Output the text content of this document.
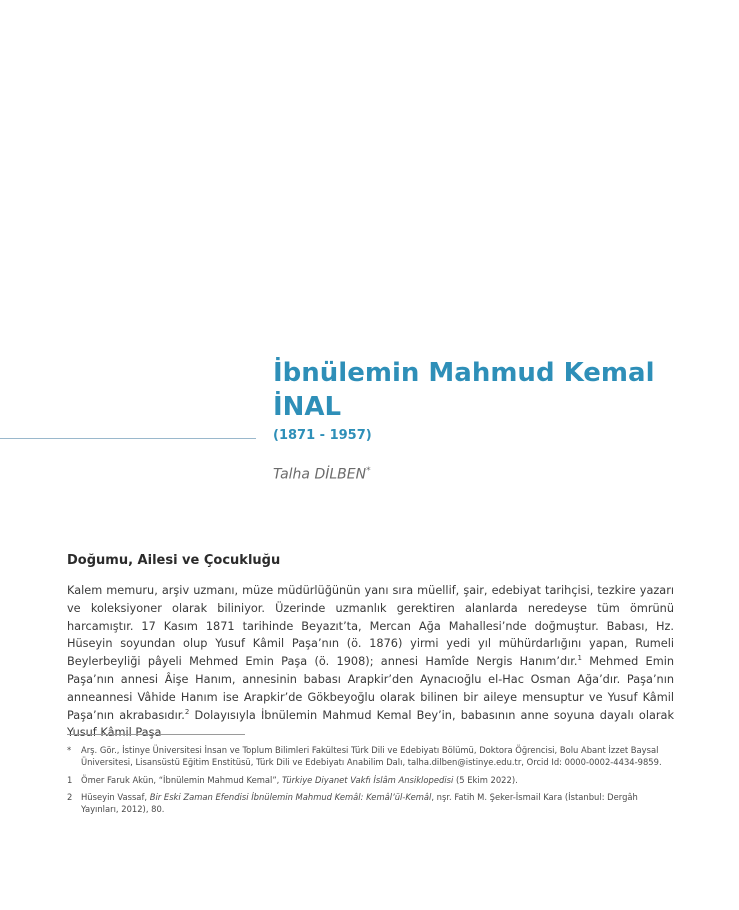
İbnülemin Mahmud Kemal İNAL
(1871 - 1957)
Talha DİLBEN*
Doğumu, Ailesi ve Çocukluğu

Kalem memuru, arşiv uzmanı, müze müdürlüğünün yanı sıra müellif, şair, edebiyat tarihçisi, tezkire yazarı ve koleksiyoner olarak biliniyor. Üzerinde uzmanlık gerektiren alanlarda neredeyse tüm ömrünü harcamıştır. 17 Kasım 1871 tarihinde Beyazıt’ta, Mercan Ağa Mahallesi’nde doğmuştur. Babası, Hz. Hüseyin soyundan olup Yusuf Kâmil Paşa’nın (ö. 1876) yirmi yedi yıl mühürdarlığını yapan, Rumeli Beylerbeyliği pâyeli Mehmed Emin Paşa (ö. 1908); annesi Hamîde Nergis Hanım’dır.$^1$ Mehmed Emin Paşa’nın annesi Âişe Hanım, annesinin babası Arapkir’den Aynacıoğlu el-Hac Osman Ağa’dır. Paşa’nın anneannesi Vâhide Hanım ise Arapkir’de Gökbeyoğlu olarak bilinen bir aileye mensuptur ve Yusuf Kâmil Paşa’nın akrabasıdır.$^2$ Dolayısıyla İbnülemin Mahmud Kemal Bey’in, babasının anne soyuna dayalı olarak Yusuf Kâmil Paşa

*	Arş. Gör., İstinye Üniversitesi İnsan ve Toplum Bilimleri Fakültesi Türk Dili ve Edebiyatı Bölümü, Doktora Öğrencisi, Bolu Abant İzzet Baysal Üniversitesi, Lisansüstü Eğitim Enstitüsü, Türk Dili ve Edebiyatı Anabilim Dalı, talha.dilben@istinye.edu.tr, Orcid Id: 0000-0002-4434-9859.
1	Ömer Faruk Akün, “İbnülemin Mahmud Kemal”, Türkiye Diyanet Vakfı İslâm Ansiklopedisi (5 Ekim 2022).
2	Hüseyin Vassaf, Bir Eski Zaman Efendisi İbnülemin Mahmud Kemâl: Kemâl’ül-Kemâl, nşr. Fatih M. Şeker-İsmail Kara (İstanbul: Dergâh Yayınları, 2012), 80.
